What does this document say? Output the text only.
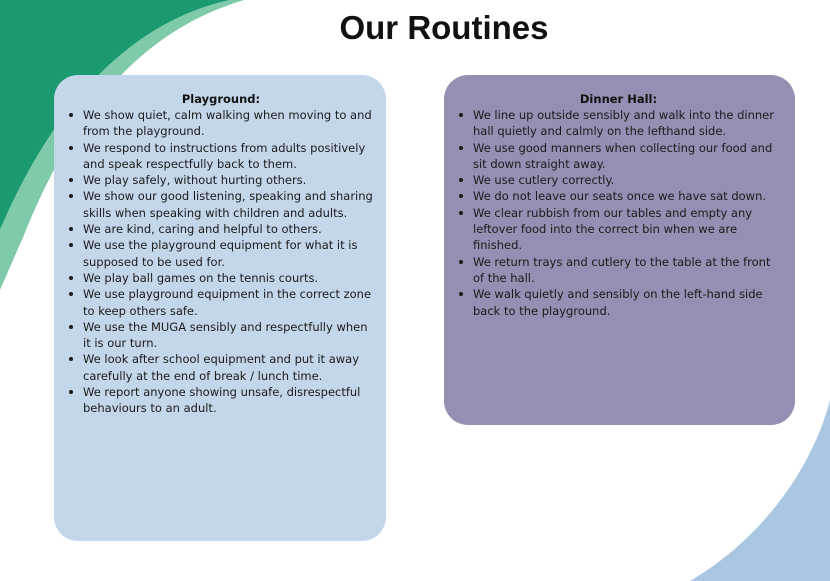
Our Routines
Playground:
We show quiet, calm walking when moving to and from the playground.
We respond to instructions from adults positively and speak respectfully back to them.
We play safely, without hurting others.
We show our good listening, speaking and sharing skills when speaking with children and adults.
We are kind, caring and helpful to others.
We use the playground equipment for what it is supposed to be used for.
We play ball games on the tennis courts.
We use playground equipment in the correct zone to keep others safe.
We use the MUGA sensibly and respectfully when it is our turn.
We look after school equipment and put it away carefully at the end of break / lunch time.
We report anyone showing unsafe, disrespectful behaviours to an adult.
Dinner Hall:
We line up outside sensibly and walk into the dinner hall quietly and calmly on the lefthand side.
We use good manners when collecting our food and sit down straight away.
We use cutlery correctly.
We do not leave our seats once we have sat down.
We clear rubbish from our tables and empty any leftover food into the correct bin when we are finished.
We return trays and cutlery to the table at the front of the hall.
We walk quietly and sensibly on the left-hand side back to the playground.
